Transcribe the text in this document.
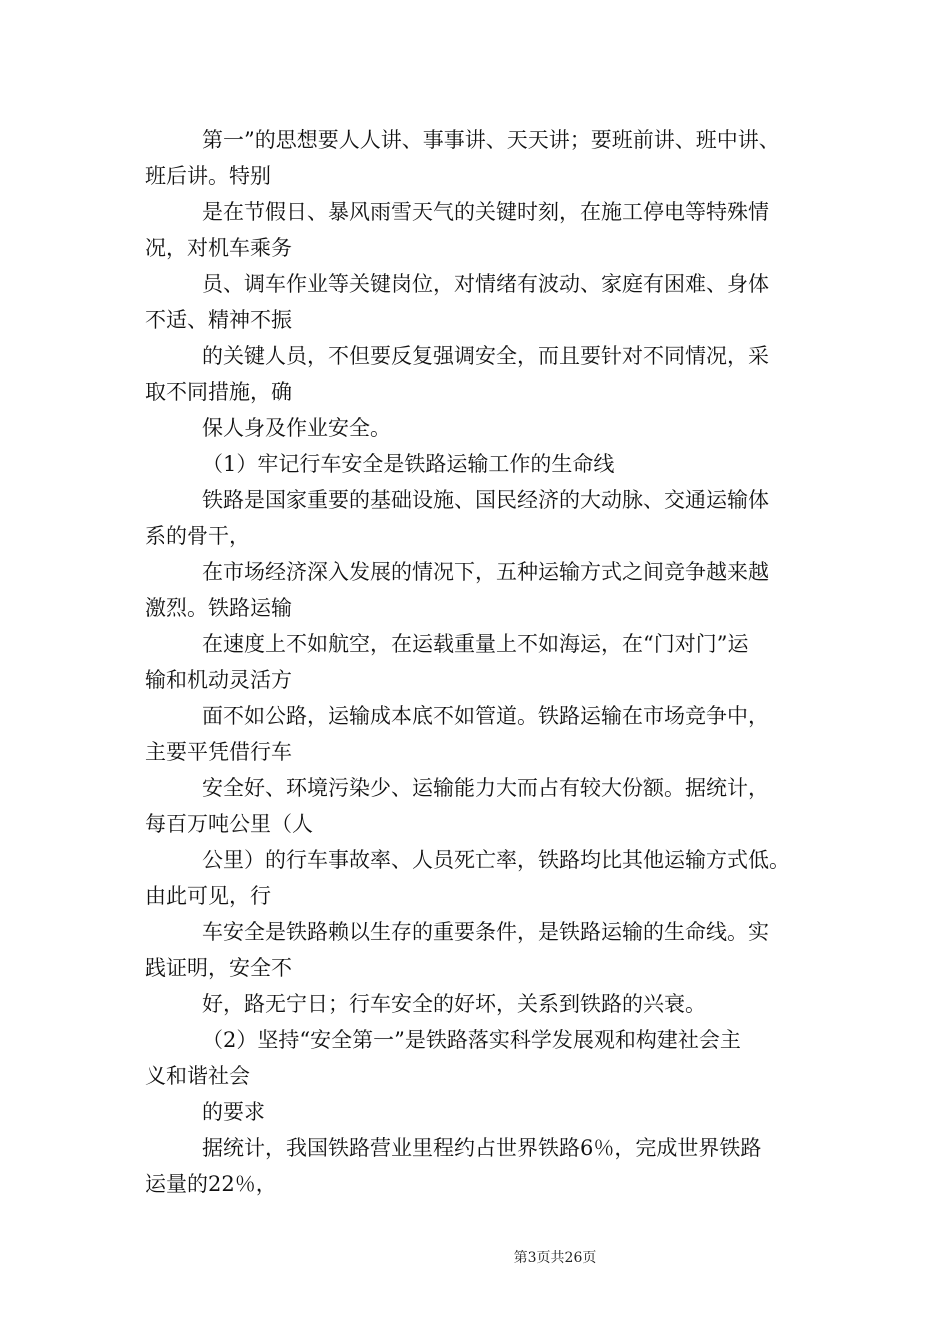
第一”的思想要人人讲、事事讲、天天讲；要班前讲、班中讲、
班后讲。特别
是在节假日、暴风雨雪天气的关键时刻，在施工停电等特殊情
况，对机车乘务
员、调车作业等关键岗位，对情绪有波动、家庭有困难、身体
不适、精神不振
的关键人员，不但要反复强调安全，而且要针对不同情况，采
取不同措施，确
保人身及作业安全。
（1）牢记行车安全是铁路运输工作的生命线
铁路是国家重要的基础设施、国民经济的大动脉、交通运输体
系的骨干，
在市场经济深入发展的情况下，五种运输方式之间竞争越来越
激烈。铁路运输
在速度上不如航空，在运载重量上不如海运，在“门对门”运
输和机动灵活方
面不如公路，运输成本底不如管道。铁路运输在市场竞争中，
主要平凭借行车
安全好、环境污染少、运输能力大而占有较大份额。据统计，
每百万吨公里（人
公里）的行车事故率、人员死亡率，铁路均比其他运输方式低。
由此可见，行
车安全是铁路赖以生存的重要条件，是铁路运输的生命线。实
践证明，安全不
好，路无宁日；行车安全的好坏，关系到铁路的兴衰。
（2）坚持“安全第一”是铁路落实科学发展观和构建社会主
义和谐社会
的要求
据统计，我国铁路营业里程约占世界铁路6％，完成世界铁路
运量的22％，
第3页共26页
